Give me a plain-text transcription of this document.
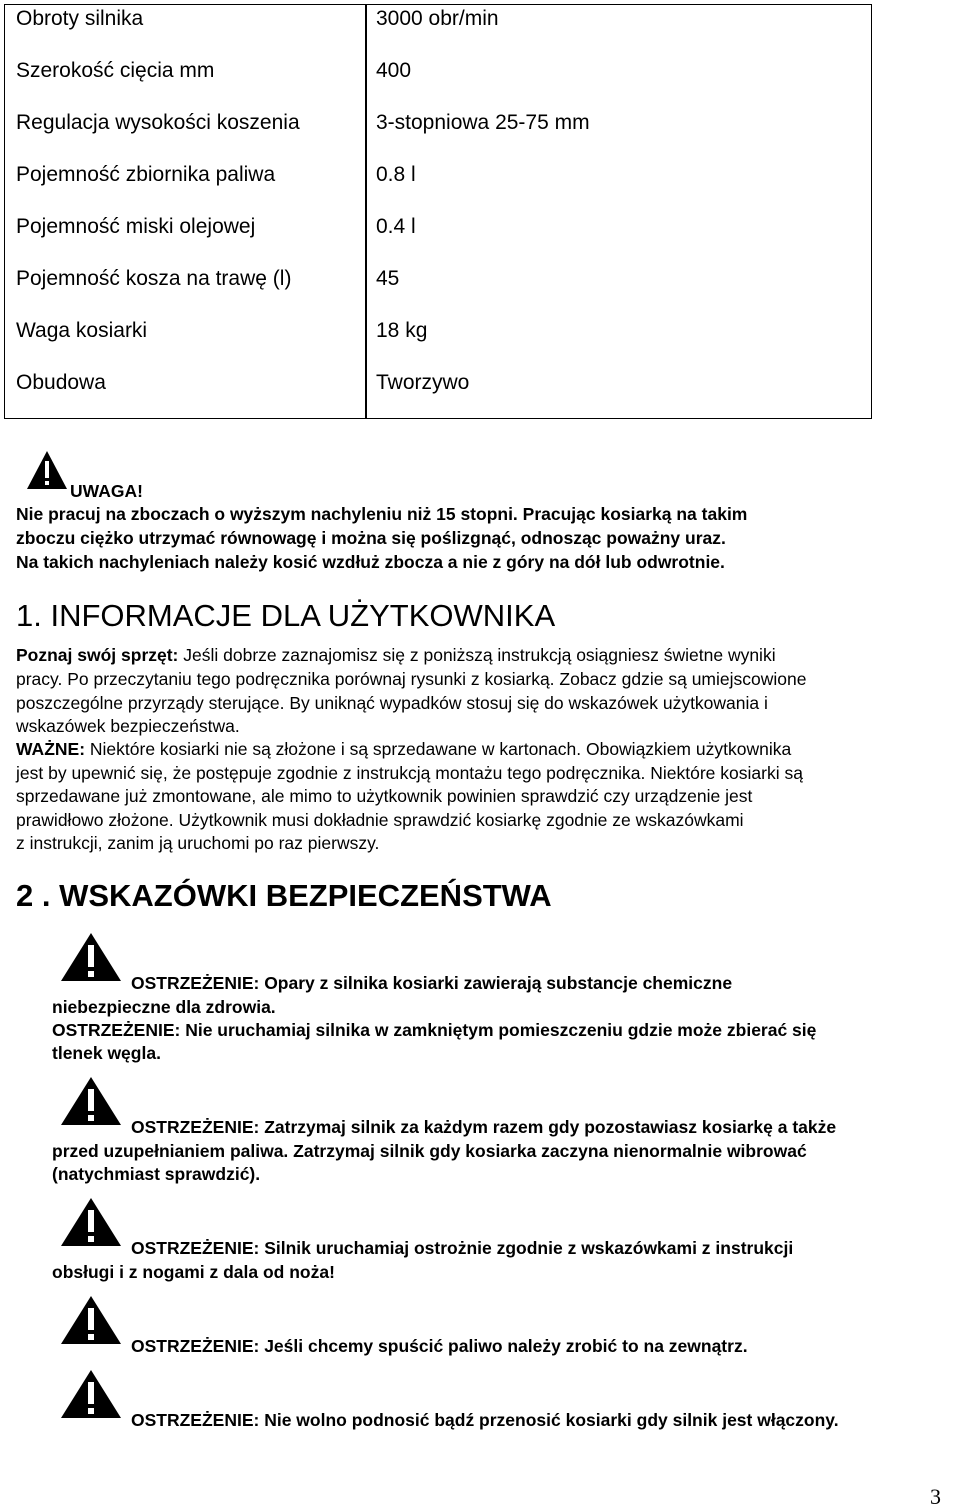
Obroty silnika	3000 obr/min
Szerokość cięcia mm	400
Regulacja wysokości koszenia	3-stopniowa 25-75 mm
Pojemność zbiornika paliwa	0.8 l
Pojemność miski olejowej	0.4 l
Pojemność kosza na trawę (l)	45
Waga kosiarki	18 kg
Obudowa	Tworzywo
UWAGA!
Nie pracuj na zboczach o wyższym nachyleniu niż 15 stopni. Pracując kosiarką na takim
zboczu ciężko utrzymać równowagę i można się poślizgnąć, odnosząc poważny uraz.
Na takich nachyleniach należy kosić wzdłuż zbocza a nie z góry na dół lub odwrotnie.
1. INFORMACJE DLA UŻYTKOWNIKA
Poznaj swój sprzęt: Jeśli dobrze zaznajomisz się z poniższą instrukcją osiągniesz świetne wyniki
pracy. Po przeczytaniu tego podręcznika porównaj rysunki z kosiarką. Zobacz gdzie są umiejscowione
poszczególne przyrządy sterujące. By uniknąć wypadków stosuj się do wskazówek użytkowania i
wskazówek bezpieczeństwa.
WAŻNE: Niektóre kosiarki nie są złożone i są sprzedawane w kartonach. Obowiązkiem użytkownika
jest by upewnić się, że postępuje zgodnie z instrukcją montażu tego podręcznika. Niektóre kosiarki są
sprzedawane już zmontowane, ale mimo to użytkownik powinien sprawdzić czy urządzenie jest
prawidłowo złożone. Użytkownik musi dokładnie sprawdzić kosiarkę zgodnie ze wskazówkami
z instrukcji, zanim ją uruchomi po raz pierwszy.
2 . WSKAZÓWKI BEZPIECZEŃSTWA
OSTRZEŻENIE: Opary z silnika kosiarki zawierają substancje chemiczne
niebezpieczne dla zdrowia.
OSTRZEŻENIE: Nie uruchamiaj silnika w zamkniętym pomieszczeniu gdzie może zbierać się
tlenek węgla.
OSTRZEŻENIE: Zatrzymaj silnik za każdym razem gdy pozostawiasz kosiarkę a także
przed uzupełnianiem paliwa. Zatrzymaj silnik gdy kosiarka zaczyna nienormalnie wibrować
(natychmiast sprawdzić).
OSTRZEŻENIE: Silnik uruchamiaj ostrożnie zgodnie z wskazówkami z instrukcji
obsługi i z nogami z dala od noża!
OSTRZEŻENIE: Jeśli chcemy spuścić paliwo należy zrobić to na zewnątrz.
OSTRZEŻENIE: Nie wolno podnosić bądź przenosić kosiarki gdy silnik jest włączony.
3
